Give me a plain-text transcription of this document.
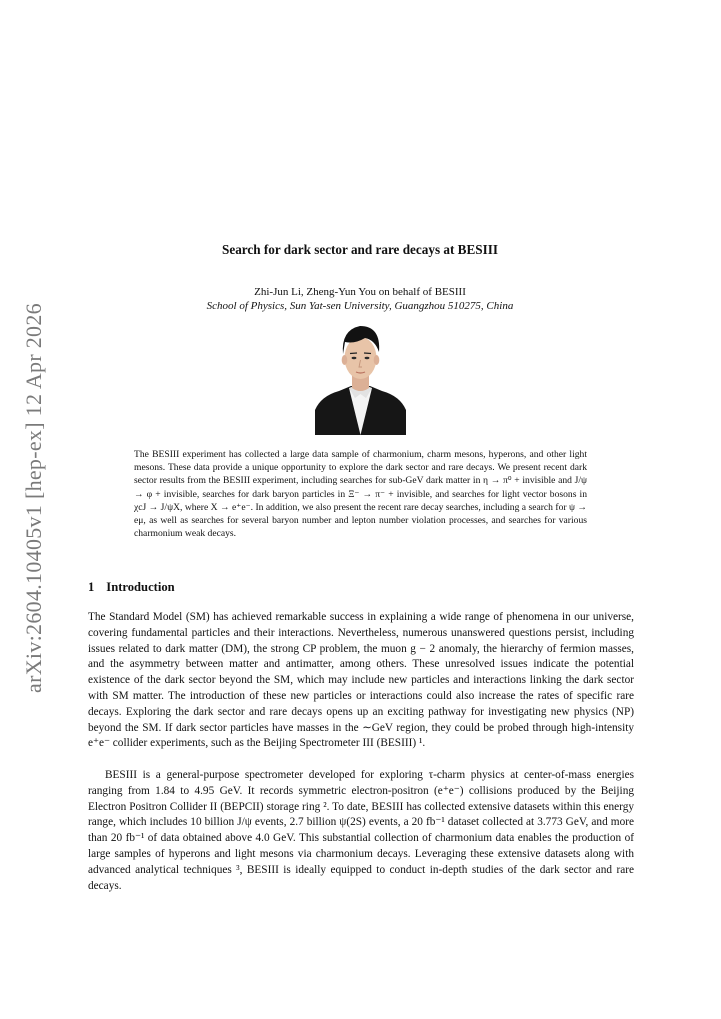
arXiv:2604.10405v1 [hep-ex] 12 Apr 2026
Search for dark sector and rare decays at BESIII
Zhi-Jun Li, Zheng-Yun You on behalf of BESIII
School of Physics, Sun Yat-sen University, Guangzhou 510275, China

The BESIII experiment has collected a large data sample of charmonium, charm mesons, hyperons, and other light mesons. These data provide a unique opportunity to explore the dark sector and rare decays. We present recent dark sector results from the BESIII experiment, including searches for sub-GeV dark matter in η → π⁰ + invisible and J/ψ → φ + invisible, searches for dark baryon particles in Ξ⁻ → π⁻ + invisible, and searches for light vector bosons in χcJ → J/ψX, where X → e⁺e⁻. In addition, we also present the recent rare decay searches, including a search for ψ → eμ, as well as searches for several baryon number and lepton number violation processes, and searches for various charmonium weak decays.

1 Introduction

The Standard Model (SM) has achieved remarkable success in explaining a wide range of phenomena in our universe, covering fundamental particles and their interactions. Nevertheless, numerous unanswered questions persist, including issues related to dark matter (DM), the strong CP problem, the muon g − 2 anomaly, the hierarchy of fermion masses, and the asymmetry between matter and antimatter, among others. These unresolved issues indicate the potential existence of the dark sector beyond the SM, which may include new particles and interactions linking the dark sector with SM matter. The introduction of these new particles or interactions could also increase the rates of specific rare decays. Exploring the dark sector and rare decays opens up an exciting pathway for investigating new physics (NP) beyond the SM. If dark sector particles have masses in the ∼GeV region, they could be probed through high-intensity e⁺e⁻ collider experiments, such as the Beijing Spectrometer III (BESIII) ¹.

BESIII is a general-purpose spectrometer developed for exploring τ-charm physics at center-of-mass energies ranging from 1.84 to 4.95 GeV. It records symmetric electron-positron (e⁺e⁻) collisions produced by the Beijing Electron Positron Collider II (BEPCII) storage ring ². To date, BESIII has collected extensive datasets within this energy range, which includes 10 billion J/ψ events, 2.7 billion ψ(2S) events, a 20 fb⁻¹ dataset collected at 3.773 GeV, and more than 20 fb⁻¹ of data obtained above 4.0 GeV. This substantial collection of charmonium data enables the production of large samples of hyperons and light mesons via charmonium decays. Leveraging these extensive datasets along with advanced analytical techniques ³, BESIII is ideally equipped to conduct in-depth studies of the dark sector and rare decays.
